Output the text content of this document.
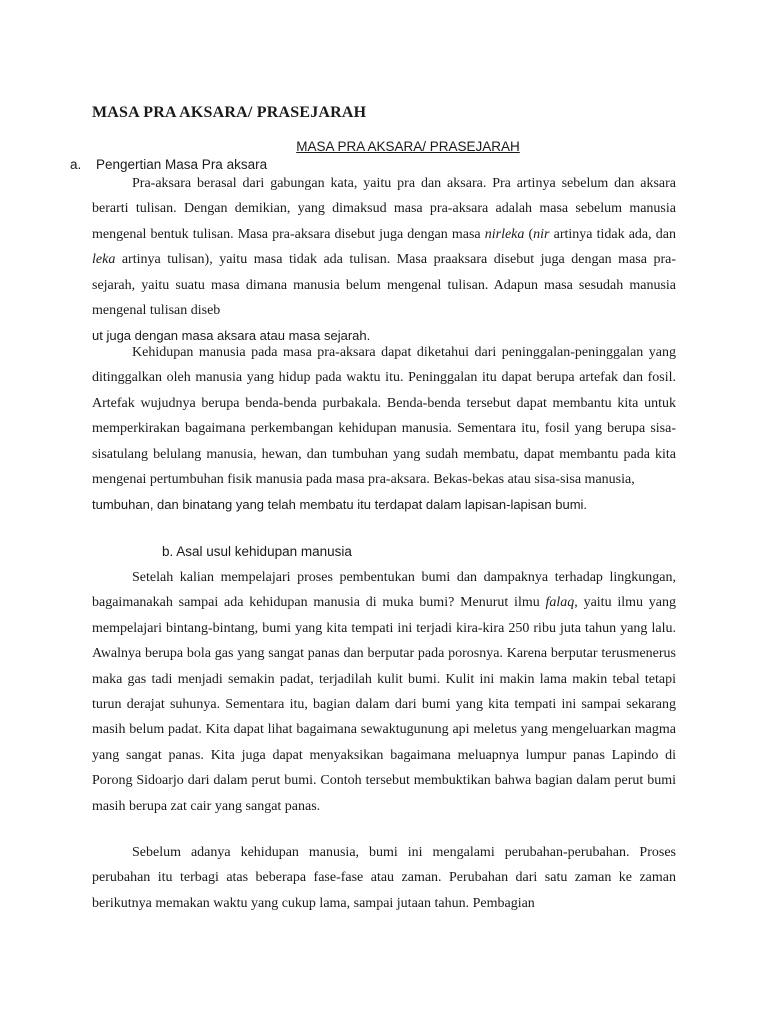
MASA PRA AKSARA/ PRASEJARAH
MASA PRA AKSARA/ PRASEJARAH
a. Pengertian Masa Pra aksara
Pra-aksara berasal dari gabungan kata, yaitu pra dan aksara. Pra artinya sebelum dan aksara berarti tulisan. Dengan demikian, yang dimaksud masa pra-aksara adalah masa sebelum manusia mengenal bentuk tulisan. Masa pra-aksara disebut juga dengan masa nirleka (nir artinya tidak ada, dan leka artinya tulisan), yaitu masa tidak ada tulisan. Masa praaksara disebut juga dengan masa pra-sejarah, yaitu suatu masa dimana manusia belum mengenal tulisan. Adapun masa sesudah manusia mengenal tulisan diseb
ut juga dengan masa aksara atau masa sejarah.
Kehidupan manusia pada masa pra-aksara dapat diketahui dari peninggalan-peninggalan yang ditinggalkan oleh manusia yang hidup pada waktu itu. Peninggalan itu dapat berupa artefak dan fosil. Artefak wujudnya berupa benda-benda purbakala. Benda-benda tersebut dapat membantu kita untuk memperkirakan bagaimana perkembangan kehidupan manusia. Sementara itu, fosil yang berupa sisa-sisatulang belulang manusia, hewan, dan tumbuhan yang sudah membatu, dapat membantu pada kita mengenai pertumbuhan fisik manusia pada masa pra-aksara. Bekas-bekas atau sisa-sisa manusia,
tumbuhan, dan binatang yang telah membatu itu terdapat dalam lapisan-lapisan bumi.
b. Asal usul kehidupan manusia
Setelah kalian mempelajari proses pembentukan bumi dan dampaknya terhadap lingkungan, bagaimanakah sampai ada kehidupan manusia di muka bumi? Menurut ilmu falaq, yaitu ilmu yang mempelajari bintang-bintang, bumi yang kita tempati ini terjadi kira-kira 250 ribu juta tahun yang lalu. Awalnya berupa bola gas yang sangat panas dan berputar pada porosnya. Karena berputar terusmenerus maka gas tadi menjadi semakin padat, terjadilah kulit bumi. Kulit ini makin lama makin tebal tetapi turun derajat suhunya. Sementara itu, bagian dalam dari bumi yang kita tempati ini sampai sekarang masih belum padat. Kita dapat lihat bagaimana sewaktugunung api meletus yang mengeluarkan magma yang sangat panas. Kita juga dapat menyaksikan bagaimana meluapnya lumpur panas Lapindo di Porong Sidoarjo dari dalam perut bumi. Contoh tersebut membuktikan bahwa bagian dalam perut bumi masih berupa zat cair yang sangat panas.
Sebelum adanya kehidupan manusia, bumi ini mengalami perubahan-perubahan. Proses perubahan itu terbagi atas beberapa fase-fase atau zaman. Perubahan dari satu zaman ke zaman berikutnya memakan waktu yang cukup lama, sampai jutaan tahun. Pembagian
